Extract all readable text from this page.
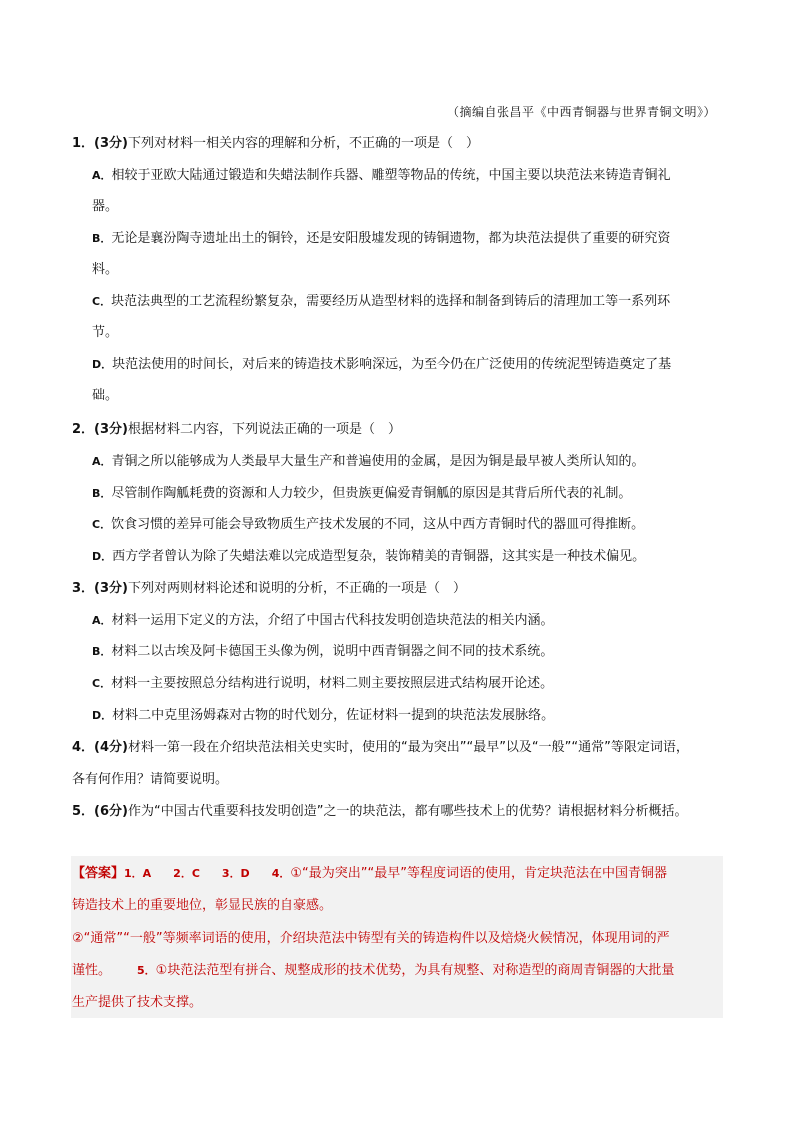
（摘编自张昌平《中西青铜器与世界青铜文明》）
1．(3分)下列对材料一相关内容的理解和分析，不正确的一项是（　）
A．相较于亚欧大陆通过锻造和失蜡法制作兵器、雕塑等物品的传统，中国主要以块范法来铸造青铜礼
器。
B．无论是襄汾陶寺遗址出土的铜铃，还是安阳殷墟发现的铸铜遗物，都为块范法提供了重要的研究资
料。
C．块范法典型的工艺流程纷繁复杂，需要经历从造型材料的选择和制备到铸后的清理加工等一系列环
节。
D．块范法使用的时间长，对后来的铸造技术影响深远，为至今仍在广泛使用的传统泥型铸造奠定了基
础。
2．(3分)根据材料二内容，下列说法正确的一项是（　）
A．青铜之所以能够成为人类最早大量生产和普遍使用的金属，是因为铜是最早被人类所认知的。
B．尽管制作陶觚耗费的资源和人力较少，但贵族更偏爱青铜觚的原因是其背后所代表的礼制。
C．饮食习惯的差异可能会导致物质生产技术发展的不同，这从中西方青铜时代的器皿可得推断。
D．西方学者曾认为除了失蜡法难以完成造型复杂，装饰精美的青铜器，这其实是一种技术偏见。
3．(3分)下列对两则材料论述和说明的分析，不正确的一项是（　）
A．材料一运用下定义的方法，介绍了中国古代科技发明创造块范法的相关内涵。
B．材料二以古埃及阿卡德国王头像为例，说明中西青铜器之间不同的技术系统。
C．材料一主要按照总分结构进行说明，材料二则主要按照层进式结构展开论述。
D．材料二中克里汤姆森对古物的时代划分，佐证材料一提到的块范法发展脉络。
4．(4分)材料一第一段在介绍块范法相关史实时，使用的“最为突出”“最早”以及“一般”“通常”等限定词语，
各有何作用？请简要说明。
5．(6分)作为“中国古代重要科技发明创造”之一的块范法，都有哪些技术上的优势？请根据材料分析概括。
【答案】1．A　　2．C　　3．D　　4．①“最为突出”“最早”等程度词语的使用，肯定块范法在中国青铜器
铸造技术上的重要地位，彰显民族的自豪感。
②“通常”“一般”等频率词语的使用，介绍块范法中铸型有关的铸造构件以及焙烧火候情况，体现用词的严
谨性。 5．①块范法范型有拼合、规整成形的技术优势，为具有规整、对称造型的商周青铜器的大批量
生产提供了技术支撑。
